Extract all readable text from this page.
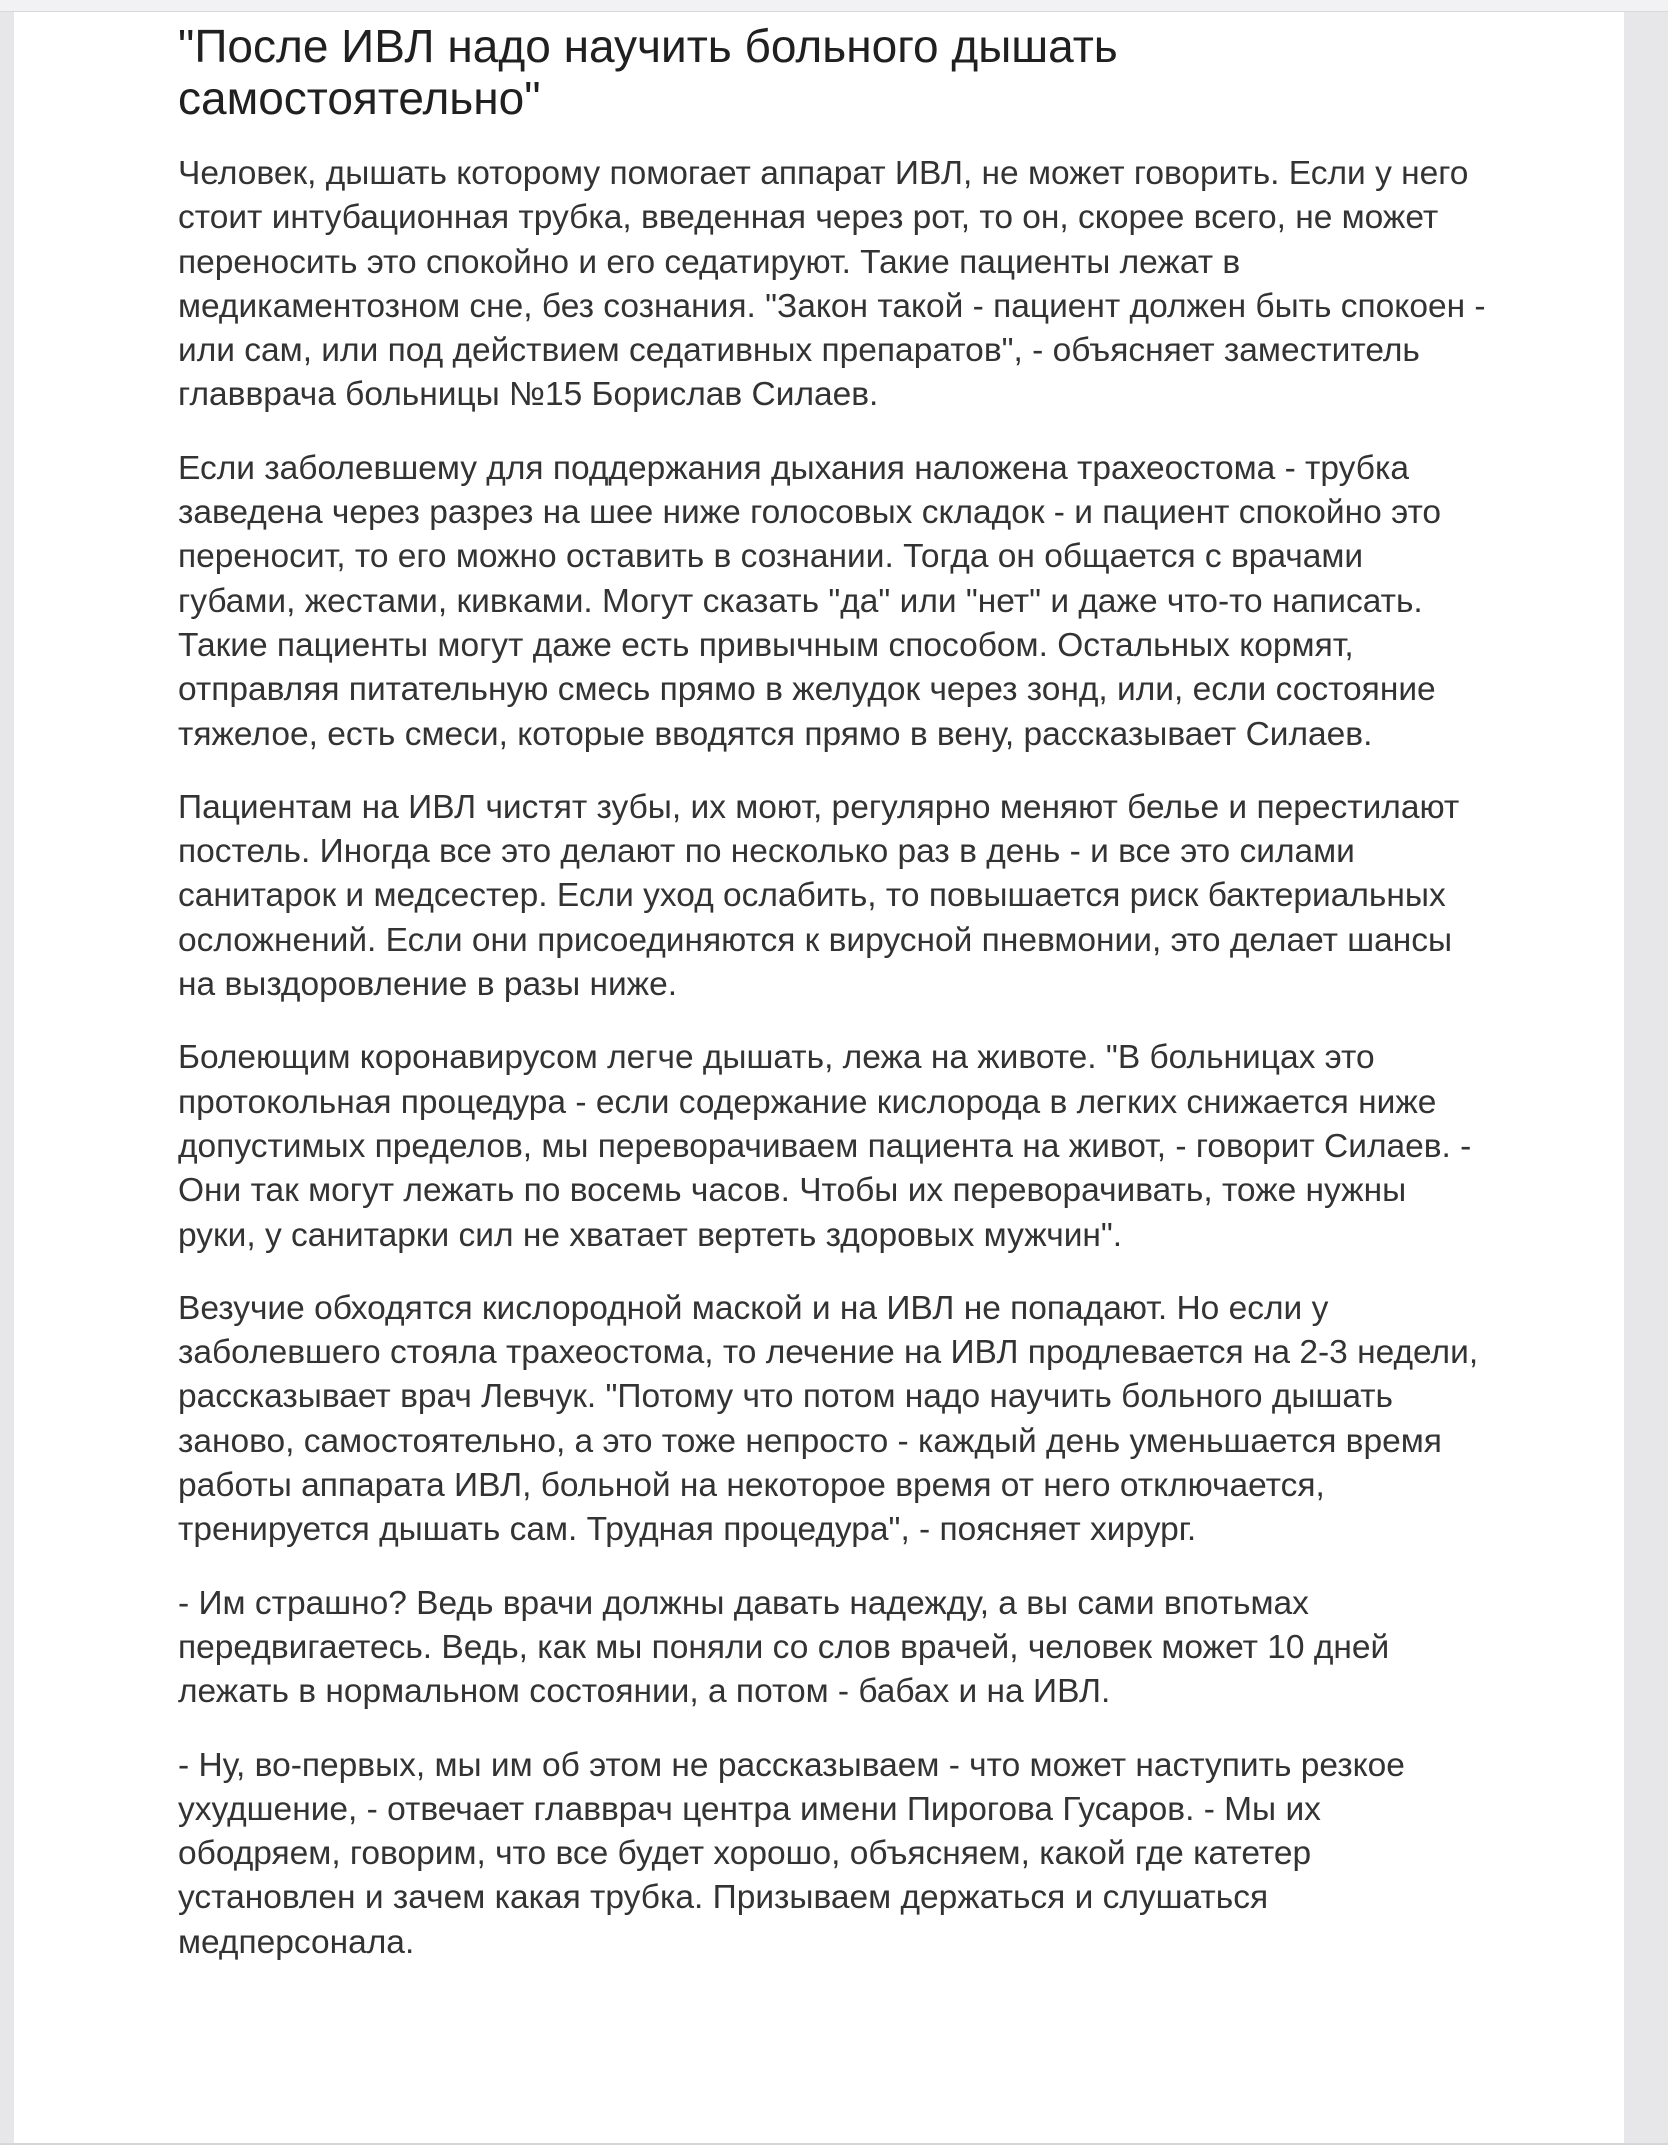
"После ИВЛ надо научить больного дышать самостоятельно"

Человек, дышать которому помогает аппарат ИВЛ, не может говорить. Если у него стоит интубационная трубка, введенная через рот, то он, скорее всего, не может переносить это спокойно и его седатируют. Такие пациенты лежат в медикаментозном сне, без сознания. "Закон такой - пациент должен быть спокоен - или сам, или под действием седативных препаратов", - объясняет заместитель главврача больницы №15 Борислав Силаев.

Если заболевшему для поддержания дыхания наложена трахеостома - трубка заведена через разрез на шее ниже голосовых складок - и пациент спокойно это переносит, то его можно оставить в сознании. Тогда он общается с врачами губами, жестами, кивками. Могут сказать "да" или "нет" и даже что-то написать. Такие пациенты могут даже есть привычным способом. Остальных кормят, отправляя питательную смесь прямо в желудок через зонд, или, если состояние тяжелое, есть смеси, которые вводятся прямо в вену, рассказывает Силаев.

Пациентам на ИВЛ чистят зубы, их моют, регулярно меняют белье и перестилают постель. Иногда все это делают по несколько раз в день - и все это силами санитарок и медсестер. Если уход ослабить, то повышается риск бактериальных осложнений. Если они присоединяются к вирусной пневмонии, это делает шансы на выздоровление в разы ниже.

Болеющим коронавирусом легче дышать, лежа на животе. "В больницах это протокольная процедура - если содержание кислорода в легких снижается ниже допустимых пределов, мы переворачиваем пациента на живот, - говорит Силаев. - Они так могут лежать по восемь часов. Чтобы их переворачивать, тоже нужны руки, у санитарки сил не хватает вертеть здоровых мужчин".

Везучие обходятся кислородной маской и на ИВЛ не попадают. Но если у заболевшего стояла трахеостома, то лечение на ИВЛ продлевается на 2-3 недели, рассказывает врач Левчук. "Потому что потом надо научить больного дышать заново, самостоятельно, а это тоже непросто - каждый день уменьшается время работы аппарата ИВЛ, больной на некоторое время от него отключается, тренируется дышать сам. Трудная процедура", - поясняет хирург.

- Им страшно? Ведь врачи должны давать надежду, а вы сами впотьмах передвигаетесь. Ведь, как мы поняли со слов врачей, человек может 10 дней лежать в нормальном состоянии, а потом - бабах и на ИВЛ.

- Ну, во-первых, мы им об этом не рассказываем - что может наступить резкое ухудшение, - отвечает главврач центра имени Пирогова Гусаров. - Мы их ободряем, говорим, что все будет хорошо, объясняем, какой где катетер установлен и зачем какая трубка. Призываем держаться и слушаться медперсонала.
